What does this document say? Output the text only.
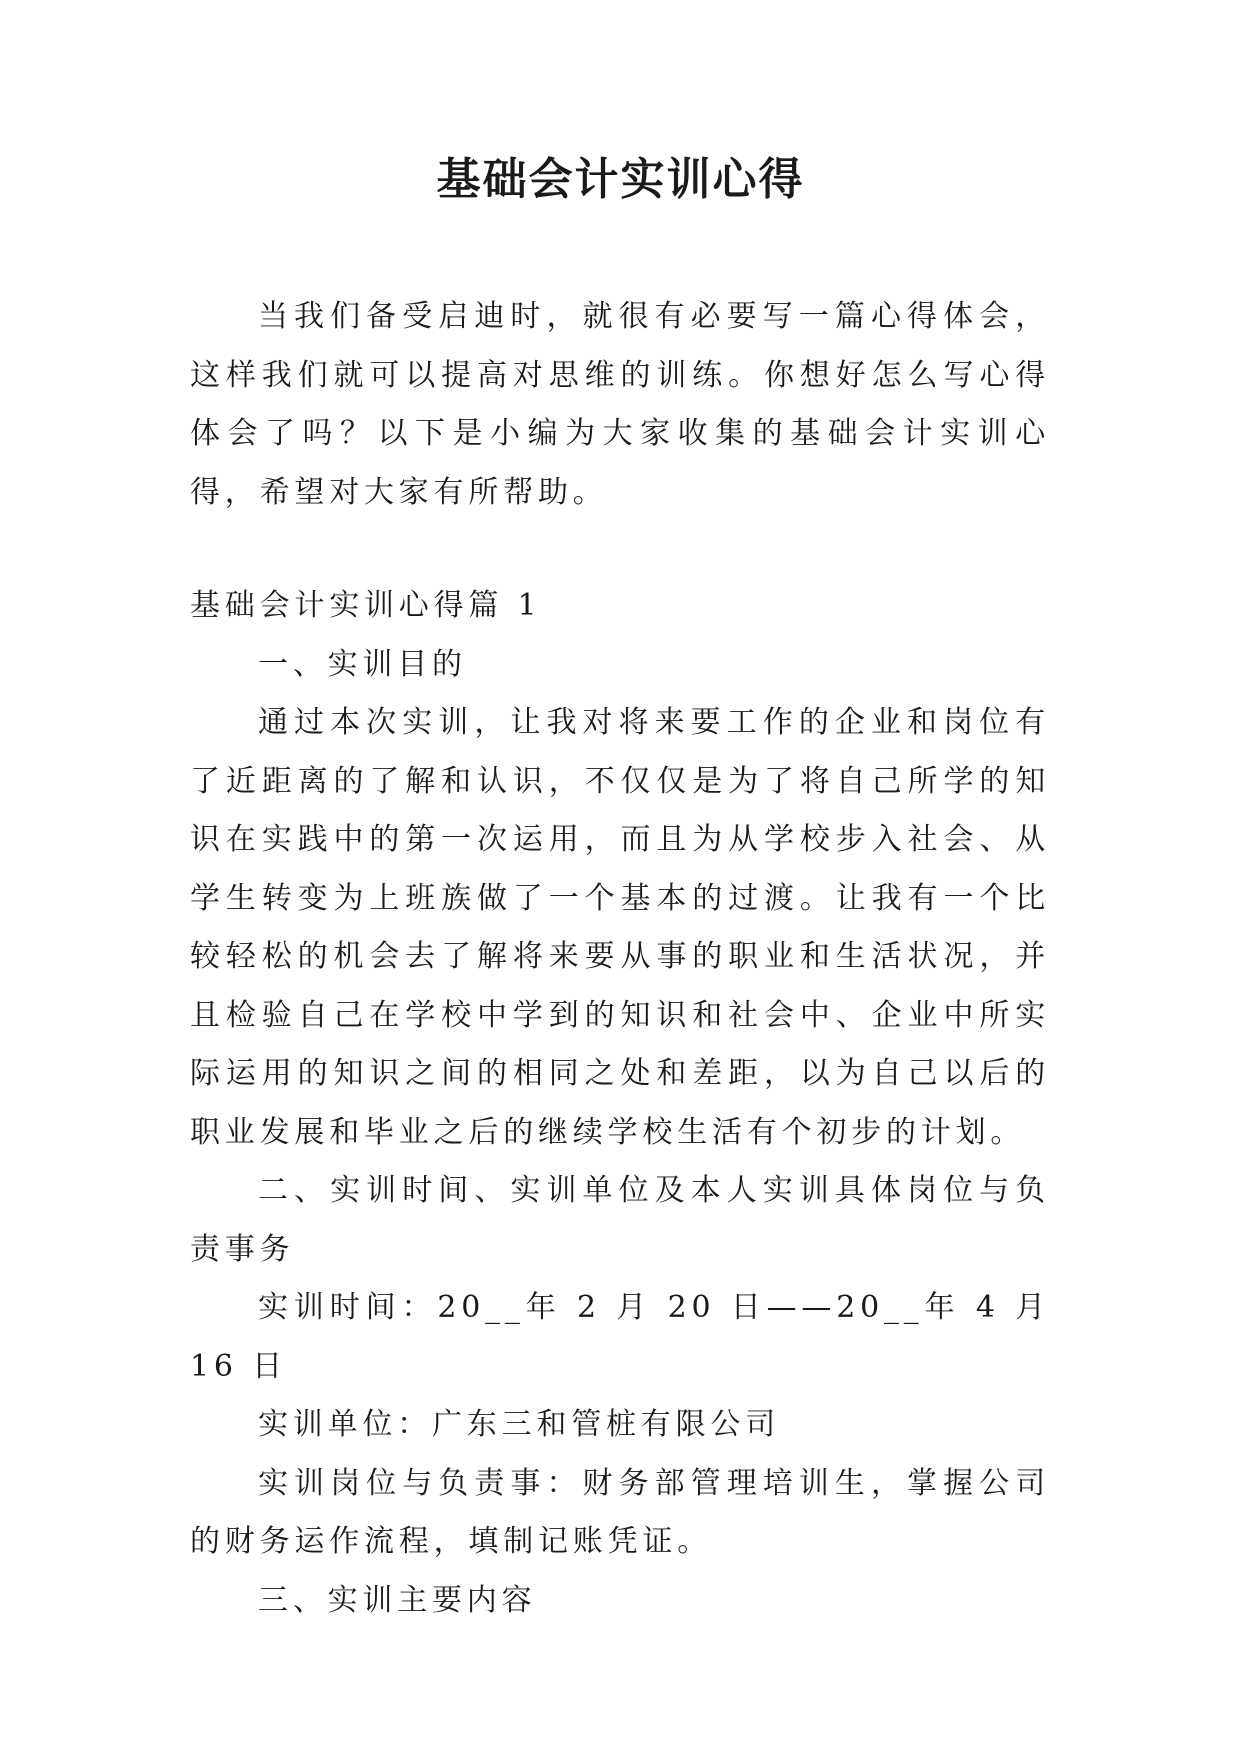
基础会计实训心得

当我们备受启迪时，就很有必要写一篇心得体会，这样我们就可以提高对思维的训练。你想好怎么写心得体会了吗？以下是小编为大家收集的基础会计实训心得，希望对大家有所帮助。

基础会计实训心得篇 1

一、实训目的

通过本次实训，让我对将来要工作的企业和岗位有了近距离的了解和认识，不仅仅是为了将自己所学的知识在实践中的第一次运用，而且为从学校步入社会、从学生转变为上班族做了一个基本的过渡。让我有一个比较轻松的机会去了解将来要从事的职业和生活状况，并且检验自己在学校中学到的知识和社会中、企业中所实际运用的知识之间的相同之处和差距，以为自己以后的职业发展和毕业之后的继续学校生活有个初步的计划。

二、实训时间、实训单位及本人实训具体岗位与负责事务

实训时间：20__年 2 月 20 日——20__年 4 月 16 日

实训单位：广东三和管桩有限公司

实训岗位与负责事：财务部管理培训生，掌握公司的财务运作流程，填制记账凭证。

三、实训主要内容
